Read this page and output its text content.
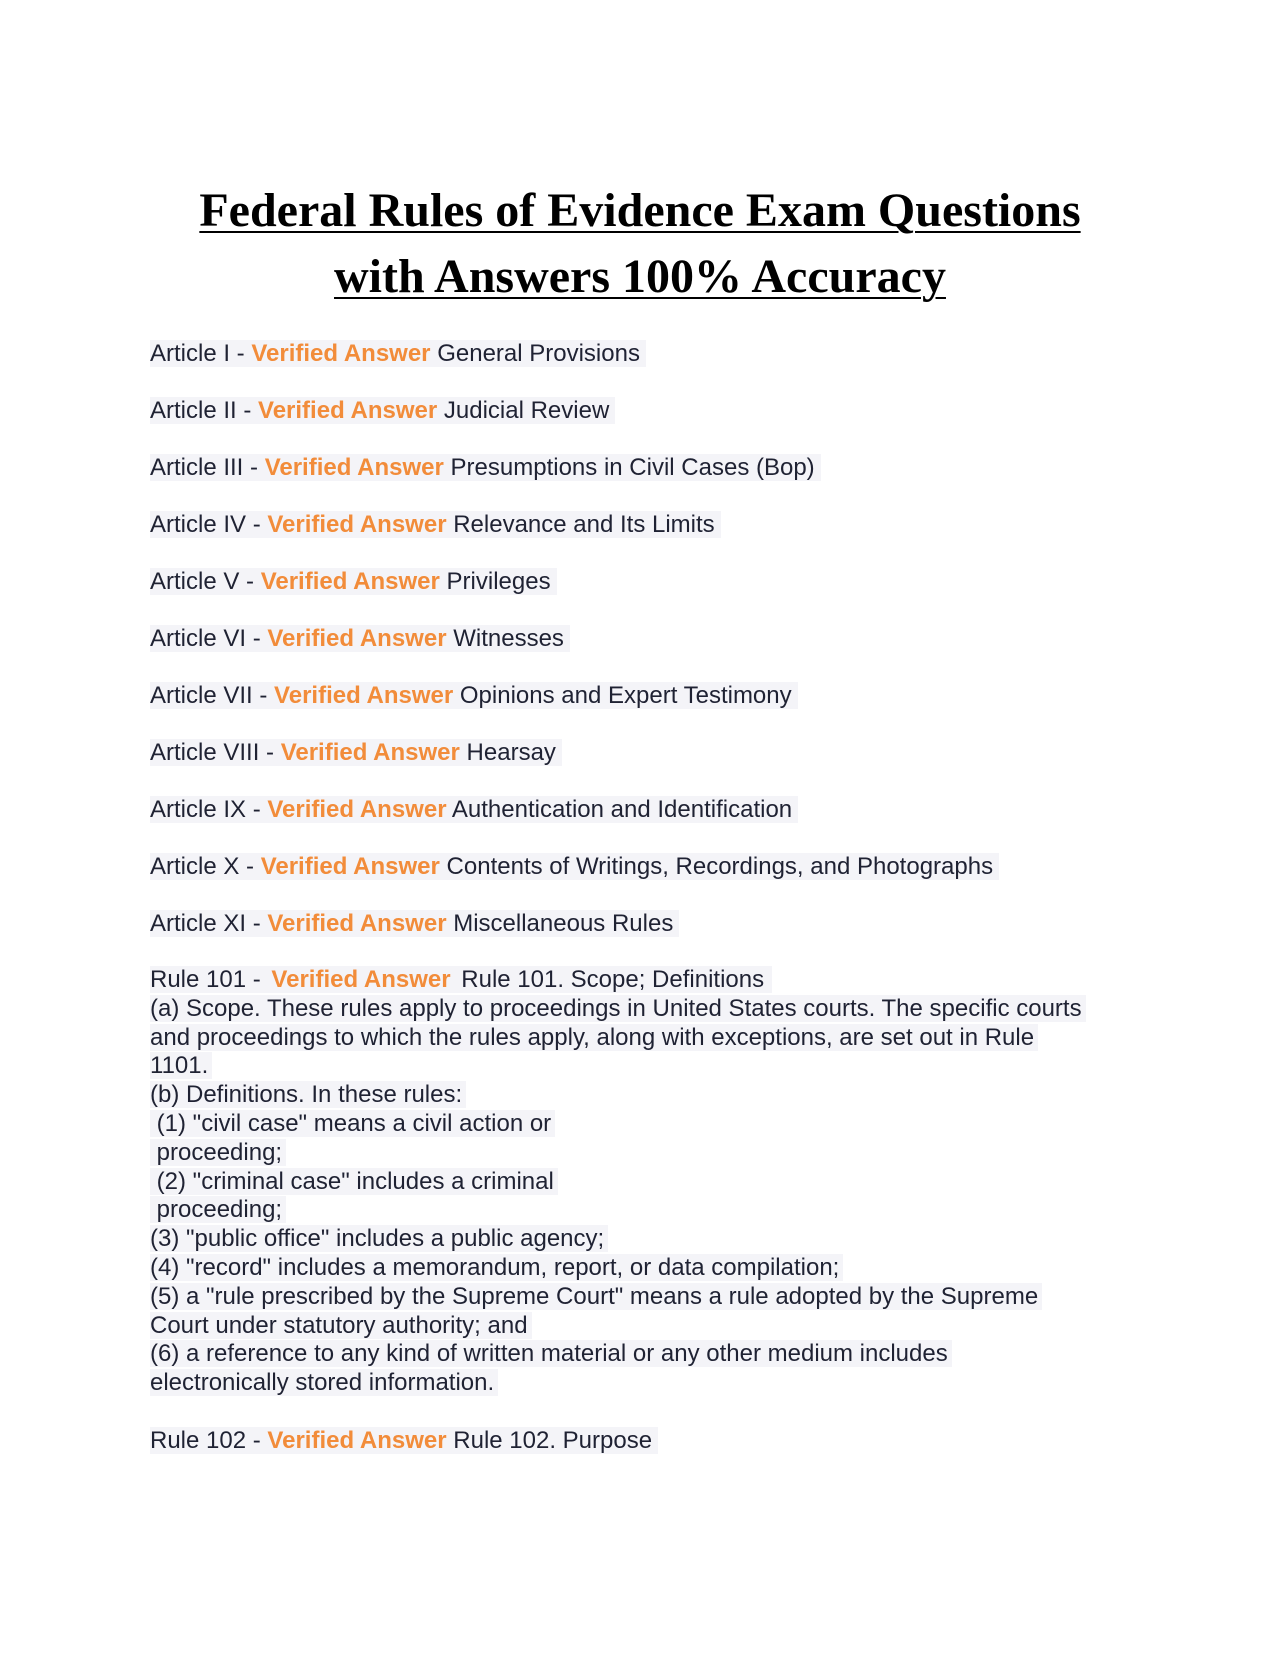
Federal Rules of Evidence Exam Questions
with Answers 100% Accuracy

Article I - Verified Answer General Provisions

Article II - Verified Answer Judicial Review

Article III - Verified Answer Presumptions in Civil Cases (Bop)

Article IV - Verified Answer Relevance and Its Limits

Article V - Verified Answer Privileges

Article VI - Verified Answer Witnesses

Article VII - Verified Answer Opinions and Expert Testimony

Article VIII - Verified Answer Hearsay

Article IX - Verified Answer Authentication and Identification

Article X - Verified Answer Contents of Writings, Recordings, and Photographs

Article XI - Verified Answer Miscellaneous Rules

Rule 101 - Verified Answer Rule 101. Scope; Definitions
(a) Scope. These rules apply to proceedings in United States courts. The specific courts
and proceedings to which the rules apply, along with exceptions, are set out in Rule
1101.
(b) Definitions. In these rules:
(1) "civil case" means a civil action or
proceeding;
(2) "criminal case" includes a criminal
proceeding;
(3) "public office" includes a public agency;
(4) "record" includes a memorandum, report, or data compilation;
(5) a "rule prescribed by the Supreme Court" means a rule adopted by the Supreme
Court under statutory authority; and
(6) a reference to any kind of written material or any other medium includes
electronically stored information.

Rule 102 - Verified Answer Rule 102. Purpose
